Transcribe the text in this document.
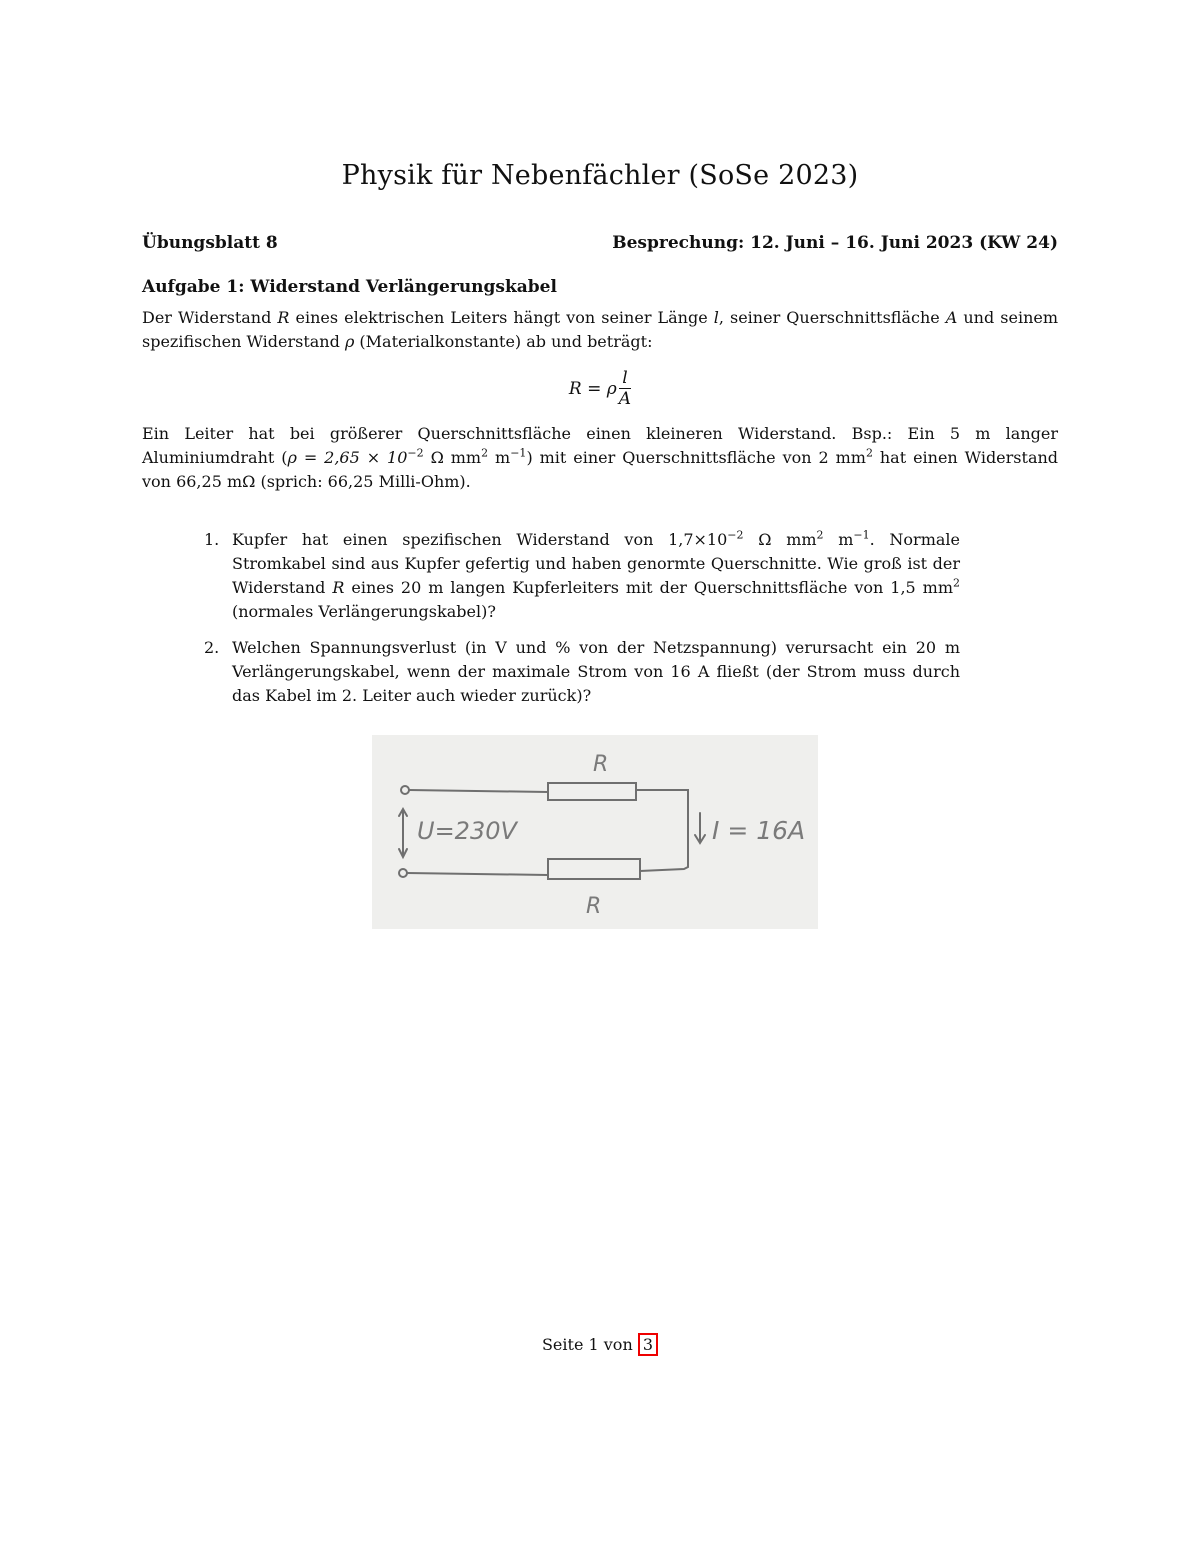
Physik für Nebenfächler (SoSe 2023)
Übungsblatt 8	Besprechung: 12. Juni – 16. Juni 2023 (KW 24)
Aufgabe 1: Widerstand Verlängerungskabel
Der Widerstand R eines elektrischen Leiters hängt von seiner Länge l, seiner Querschnittsfläche A und seinem spezifischen Widerstand ρ (Materialkonstante) ab und beträgt:
R = ρ $\frac{l}{A}$
Ein Leiter hat bei größerer Querschnittsfläche einen kleineren Widerstand. Bsp.: Ein 5 m langer Aluminiumdraht ($\rho = 2,65 \times 10^{-2}$ Ω $mm^2$ $m^{-1}$) mit einer Querschnittsfläche von 2 $mm^2$ hat einen Widerstand von 66,25 mΩ (sprich: 66,25 Milli-Ohm).
1. Kupfer hat einen spezifischen Widerstand von $1,7\times 10^{-2}$ Ω $mm^2$ $m^{-1}$. Normale Stromkabel sind aus Kupfer gefertig und haben genormte Querschnitte. Wie groß ist der Widerstand R eines 20 m langen Kupferleiters mit der Querschnittsfläche von 1,5 $mm^2$ (normales Verlängerungskabel)?
2. Welchen Spannungsverlust (in V und % von der Netzspannung) verursacht ein 20 m Verlängerungskabel, wenn der maximale Strom von 16 A fließt (der Strom muss durch das Kabel im 2. Leiter auch wieder zurück)?
R
R
U=230V	I = 16A
Seite 1 von 3
